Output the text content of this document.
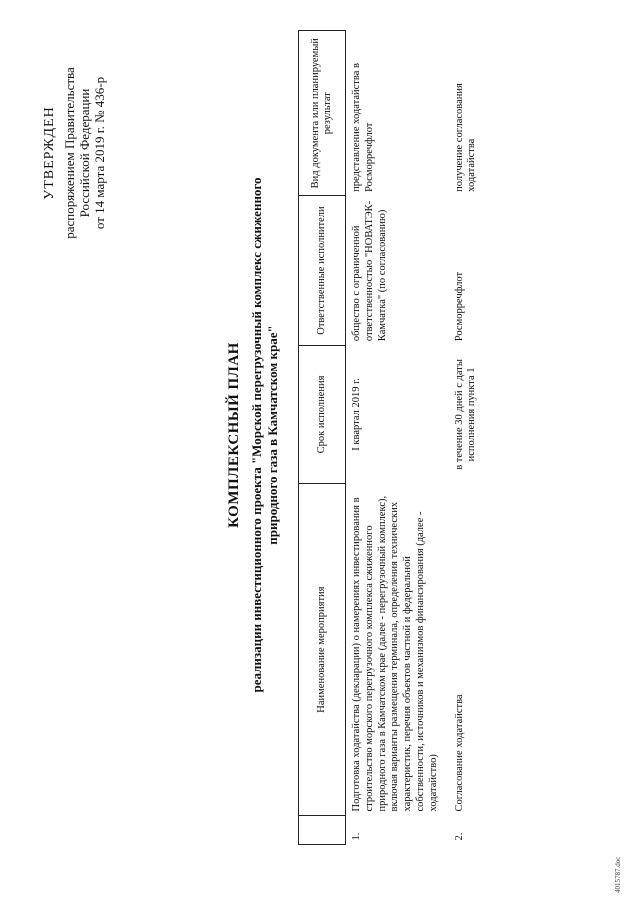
УТВЕРЖДЕН распоряжением Правительства Российской Федерации от 14 марта 2019 г. № 436-р
КОМПЛЕКСНЫЙ ПЛАН реализации инвестиционного проекта "Морской перегрузочный комплекс сжиженного природного газа в Камчатском крае"
	Наименование мероприятия	Срок исполнения	Ответственные исполнители	Вид документа или планируемый результат
1.	Подготовка ходатайства (декларации) о намерениях инвестирования в строительство морского перегрузочного комплекса сжиженного природного газа в Камчатском крае (далее - перегрузочный комплекс), включая варианты размещения терминала, определения технических характеристик, перечня объектов частной и федеральной собственности, источников и механизмов финансирования (далее - ходатайство)	I квартал 2019 г.	общество с ограниченной ответственностью "НОВАТЭК-Камчатка" (по согласованию)	представление ходатайства в Росморречфлот
2.	Согласование ходатайства	в течение 30 дней с даты исполнения пункта 1	Росморречфлот	получение согласования ходатайства
4015787.doc
